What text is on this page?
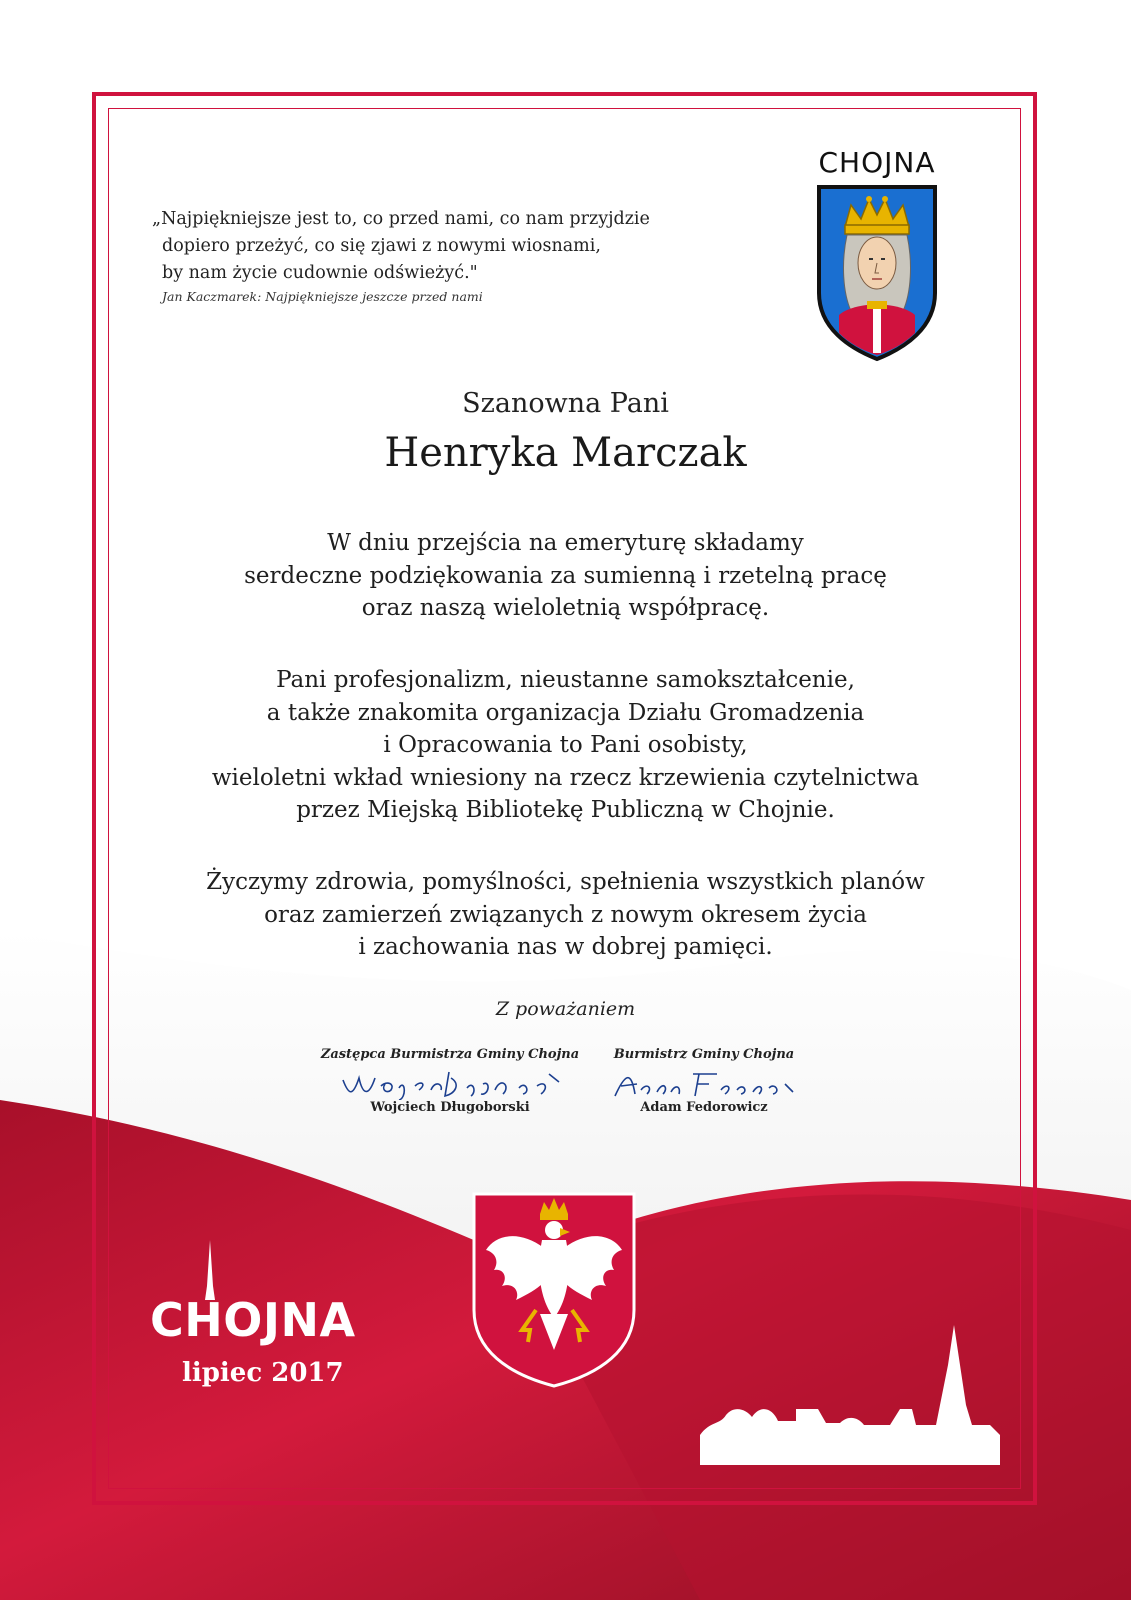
„Najpiękniejsze jest to, co przed nami, co nam przyjdzie
dopiero przeżyć, co się zjawi z nowymi wiosnami,
by nam życie cudownie odświeżyć."
Jan Kaczmarek: Najpiękniejsze jeszcze przed nami
CHOJNA
Szanowna Pani
Henryka Marczak
W dniu przejścia na emeryturę składamy
serdeczne podziękowania za sumienną i rzetelną pracę
oraz naszą wieloletnią współpracę.
Pani profesjonalizm, nieustanne samokształcenie,
a także znakomita organizacja Działu Gromadzenia
i Opracowania to Pani osobisty,
wieloletni wkład wniesiony na rzecz krzewienia czytelnictwa
przez Miejską Bibliotekę Publiczną w Chojnie.
Życzymy zdrowia, pomyślności, spełnienia wszystkich planów
oraz zamierzeń związanych z nowym okresem życia
i zachowania nas w dobrej pamięci.
Z poważaniem
Zastępca Burmistrza Gminy Chojna
Wojciech Długoborski
Burmistrz Gminy Chojna
Adam Fedorowicz
CHOJNA
lipiec 2017
